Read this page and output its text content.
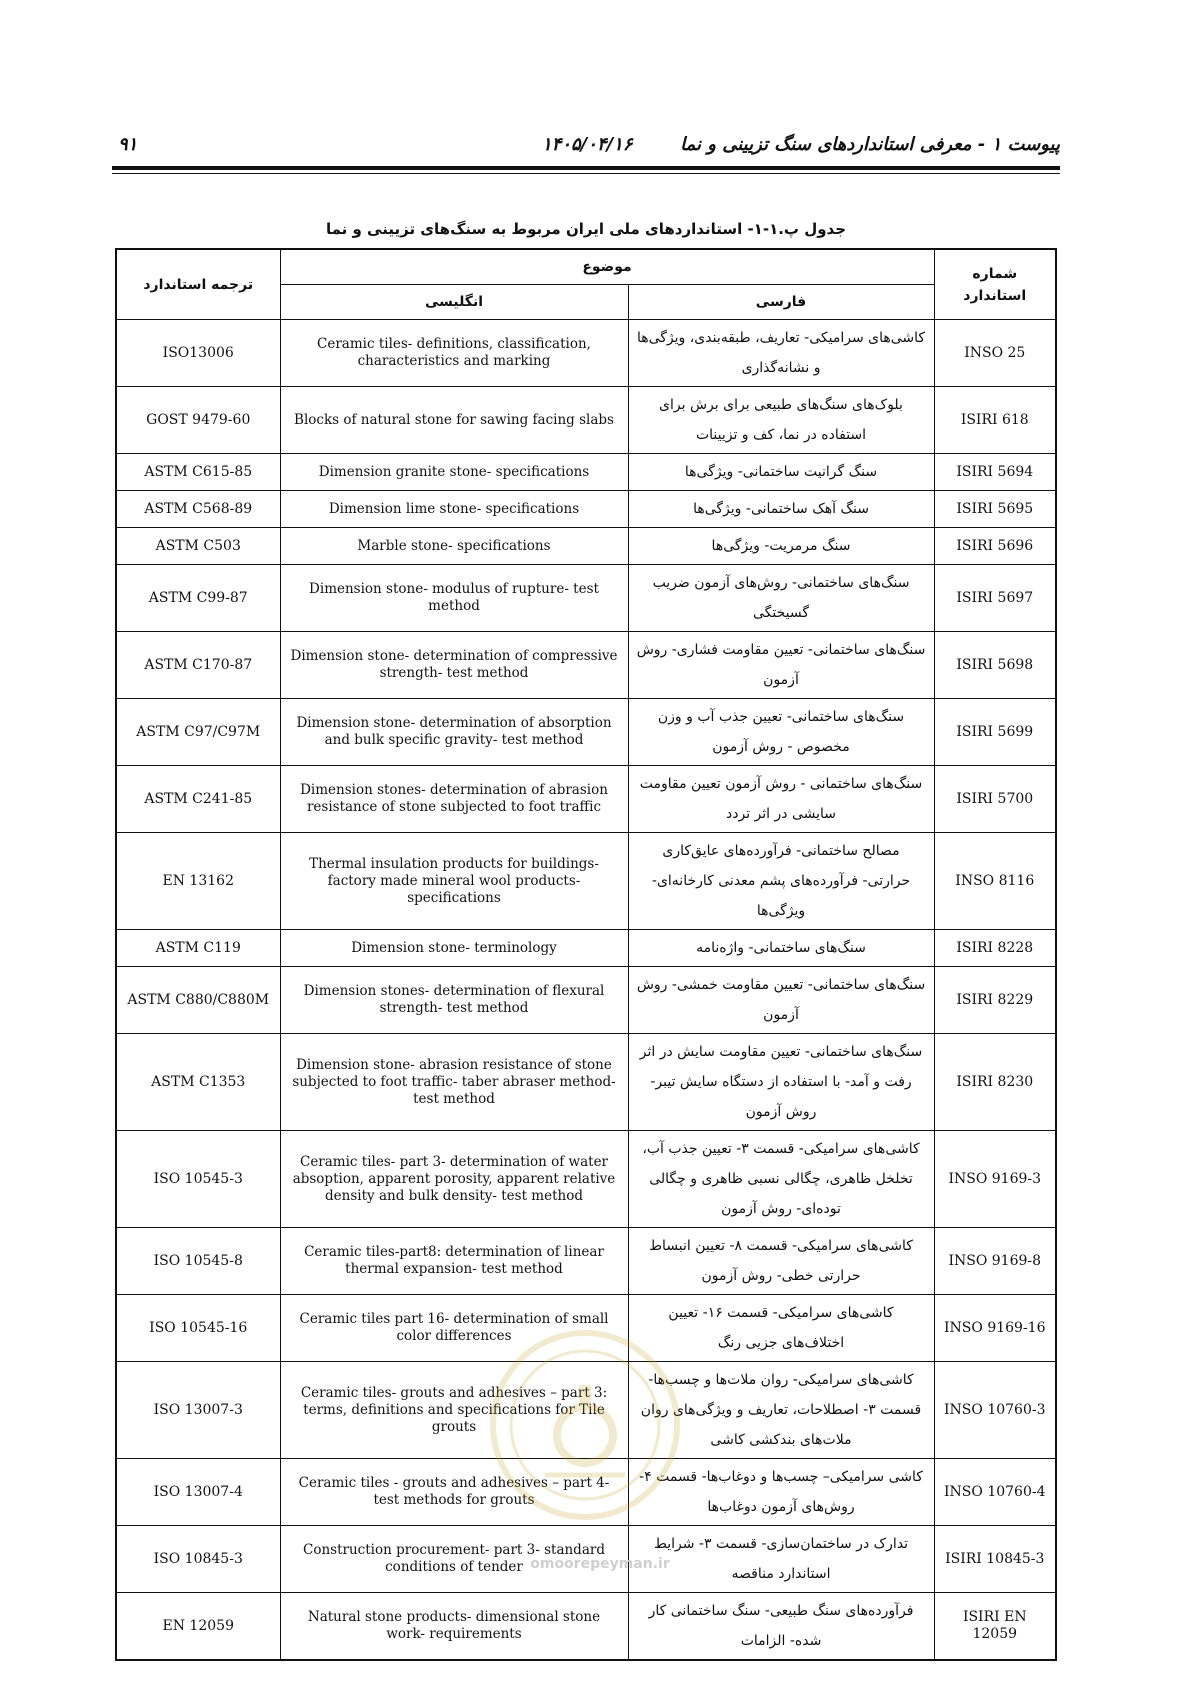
پیوست ۱ - معرفی استانداردهای سنگ تزیینی و نما
۱۴۰۵/۰۴/۱۶
۹۱
جدول پ.۱-۱- استانداردهای ملی ایران مربوط به سنگ‌های تزیینی و نما
ترجمه استاندارد	موضوع		شماره
استاندارد
	انگلیسی	فارسی	
ISO13006	Ceramic tiles- definitions, classification, characteristics and marking	کاشی‌های سرامیکی- تعاریف، طبقه‌بندی، ویژگی‌ها و نشانه‌گذاری	INSO 25
GOST 9479-60	Blocks of natural stone for sawing facing slabs	بلوک‌های سنگ‌های طبیعی برای برش برای استفاده در نما، کف و تزیینات	ISIRI 618
ASTM C615-85	Dimension granite stone- specifications	سنگ گرانیت ساختمانی- ویژگی‌ها	ISIRI 5694
ASTM C568-89	Dimension lime stone- specifications	سنگ آهک ساختمانی- ویژگی‌ها	ISIRI 5695
ASTM C503	Marble stone- specifications	سنگ مرمریت- ویژگی‌ها	ISIRI 5696
ASTM C99-87	Dimension stone- modulus of rupture- test method	سنگ‌های ساختمانی- روش‌های آزمون ضریب گسیختگی	ISIRI 5697
ASTM C170-87	Dimension stone- determination of compressive strength- test method	سنگ‌های ساختمانی- تعیین مقاومت فشاری- روش آزمون	ISIRI 5698
ASTM C97/C97M	Dimension stone- determination of absorption and bulk specific gravity- test method	سنگ‌های ساختمانی- تعیین جذب آب و وزن مخصوص - روش آزمون	ISIRI 5699
ASTM C241-85	Dimension stones- determination of abrasion resistance of stone subjected to foot traffic	سنگ‌های ساختمانی - روش آزمون تعیین مقاومت سایشی در اثر تردد	ISIRI 5700
EN 13162	Thermal insulation products for buildings- factory made mineral wool products- specifications	مصالح ساختمانی- فرآورده‌های عایق‌کاری حرارتی- فرآورده‌های پشم معدنی کارخانه‌ای- ویژگی‌ها	INSO 8116
ASTM C119	Dimension stone- terminology	سنگ‌های ساختمانی- واژه‌نامه	ISIRI 8228
ASTM C880/C880M	Dimension stones- determination of flexural strength- test method	سنگ‌های ساختمانی- تعیین مقاومت خمشی- روش آزمون	ISIRI 8229
ASTM C1353	Dimension stone- abrasion resistance of stone subjected to foot traffic- taber abraser method- test method	سنگ‌های ساختمانی- تعیین مقاومت سایش در اثر رفت و آمد- با استفاده از دستگاه سایش تیبر- روش آزمون	ISIRI 8230
ISO 10545-3	Ceramic tiles- part 3- determination of water absoption, apparent porosity, apparent relative density and bulk density- test method	کاشی‌های سرامیکی- قسمت ۳- تعیین جذب آب، تخلخل ظاهری، چگالی نسبی ظاهری و چگالی توده‌ای- روش آزمون	INSO 9169-3
ISO 10545-8	Ceramic tiles-part8: determination of linear thermal expansion- test method	کاشی‌های سرامیکی- قسمت ۸- تعیین انبساط حرارتی خطی- روش آزمون	INSO 9169-8
ISO 10545-16	Ceramic tiles part 16- determination of small color differences	کاشی‌های سرامیکی- قسمت ۱۶- تعیین اختلاف‌های جزیی رنگ	INSO 9169-16
ISO 13007-3	Ceramic tiles- grouts and adhesives – part 3: terms, definitions and specifications for Tile grouts	کاشی‌های سرامیکی- روان ملات‌ها و چسب‌ها- قسمت ۳- اصطلاحات، تعاریف و ویژگی‌های روان ملات‌های بندکشی کاشی	INSO 10760-3
ISO 13007-4	Ceramic tiles - grouts and adhesives – part 4- test methods for grouts	کاشی سرامیکی– چسب‌ها و دوغاب‌ها- قسمت ۴- روش‌های آزمون دوغاب‌ها	INSO 10760-4
ISO 10845-3	Construction procurement- part 3- standard conditions of tender	تدارک در ساختمان‌سازی- قسمت ۳- شرایط استاندارد مناقصه	ISIRI 10845-3
EN 12059	Natural stone products- dimensional stone work- requirements	فرآورده‌های سنگ طبیعی- سنگ ساختمانی کار شده- الزامات	ISIRI EN 12059
omoorepeyman.ir
